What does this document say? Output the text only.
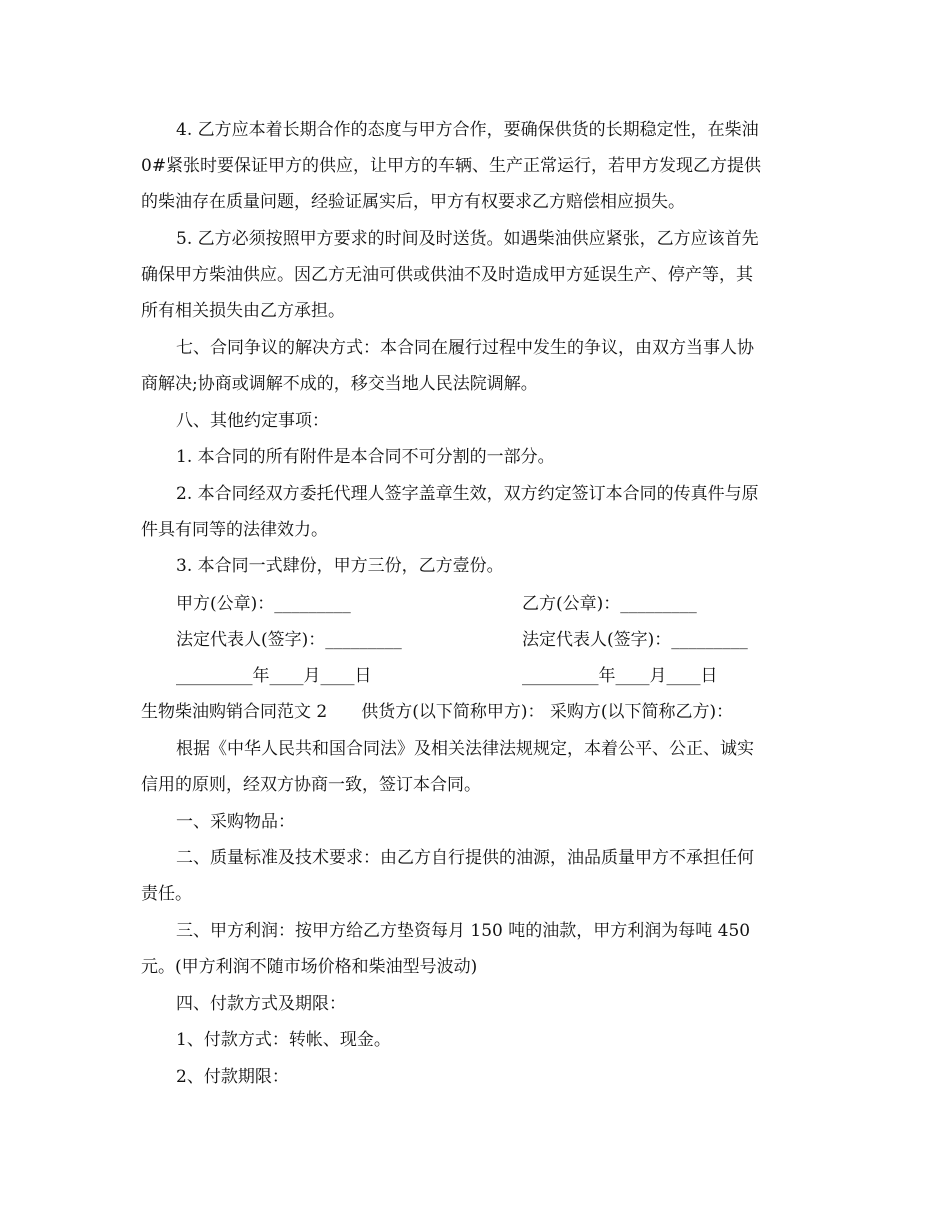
4. 乙方应本着长期合作的态度与甲方合作，要确保供货的长期稳定性，在柴油
0#紧张时要保证甲方的供应，让甲方的车辆、生产正常运行，若甲方发现乙方提供
的柴油存在质量问题，经验证属实后，甲方有权要求乙方赔偿相应损失。
5. 乙方必须按照甲方要求的时间及时送货。如遇柴油供应紧张，乙方应该首先
确保甲方柴油供应。因乙方无油可供或供油不及时造成甲方延误生产、停产等，其
所有相关损失由乙方承担。
七、合同争议的解决方式：本合同在履行过程中发生的争议，由双方当事人协
商解决;协商或调解不成的，移交当地人民法院调解。
八、其他约定事项：
1. 本合同的所有附件是本合同不可分割的一部分。
2. 本合同经双方委托代理人签字盖章生效，双方约定签订本合同的传真件与原
件具有同等的法律效力。
3. 本合同一式肆份，甲方三份，乙方壹份。
甲方(公章)：_________	乙方(公章)：_________
法定代表人(签字)：_________	法定代表人(签字)：_________
_________年____月____日	_________年____月____日
生物柴油购销合同范文 2　　供货方(以下简称甲方)： 采购方(以下简称乙方)：
根据《中华人民共和国合同法》及相关法律法规规定，本着公平、公正、诚实
信用的原则，经双方协商一致，签订本合同。
一、采购物品：
二、质量标准及技术要求：由乙方自行提供的油源，油品质量甲方不承担任何
责任。
三、甲方利润：按甲方给乙方垫资每月 150 吨的油款，甲方利润为每吨 450
元。(甲方利润不随市场价格和柴油型号波动)
四、付款方式及期限：
1、付款方式：转帐、现金。
2、付款期限：
